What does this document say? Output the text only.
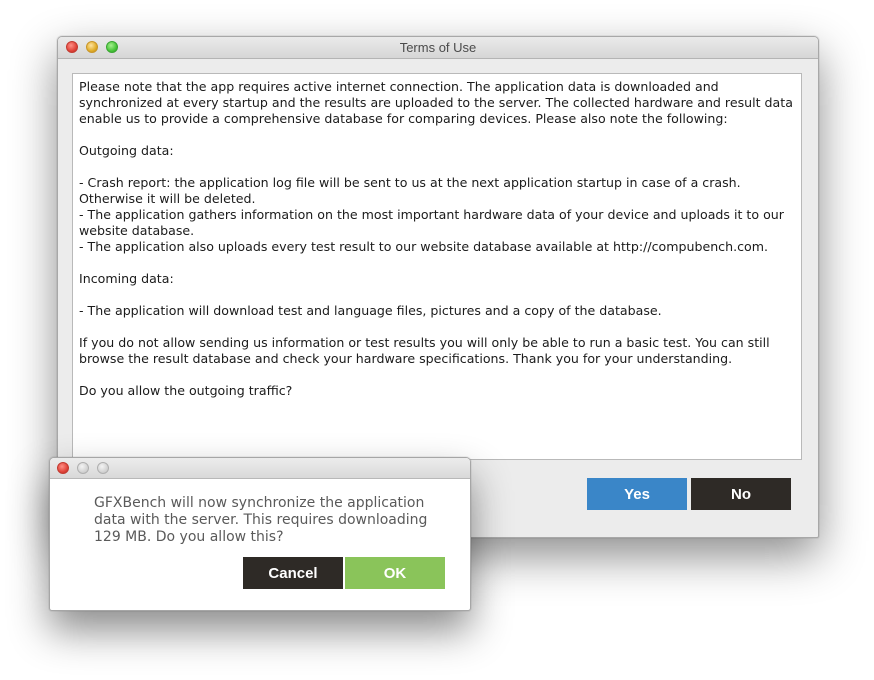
Terms of Use

Please note that the app requires active internet connection. The application data is downloaded and synchronized at every startup and the results are uploaded to the server. The collected hardware and result data enable us to provide a comprehensive database for comparing devices. Please also note the following:

Outgoing data:

- Crash report: the application log file will be sent to us at the next application startup in case of a crash. Otherwise it will be deleted.
- The application gathers information on the most important hardware data of your device and uploads it to our website database.
- The application also uploads every test result to our website database available at http://compubench.com.

Incoming data:

- The application will download test and language files, pictures and a copy of the database.

If you do not allow sending us information or test results you will only be able to run a basic test. You can still browse the result database and check your hardware specifications. Thank you for your understanding.

Do you allow the outgoing traffic?

Yes	No
GFXBench will now synchronize the application data with the server. This requires downloading 129 MB. Do you allow this?
Cancel	OK
